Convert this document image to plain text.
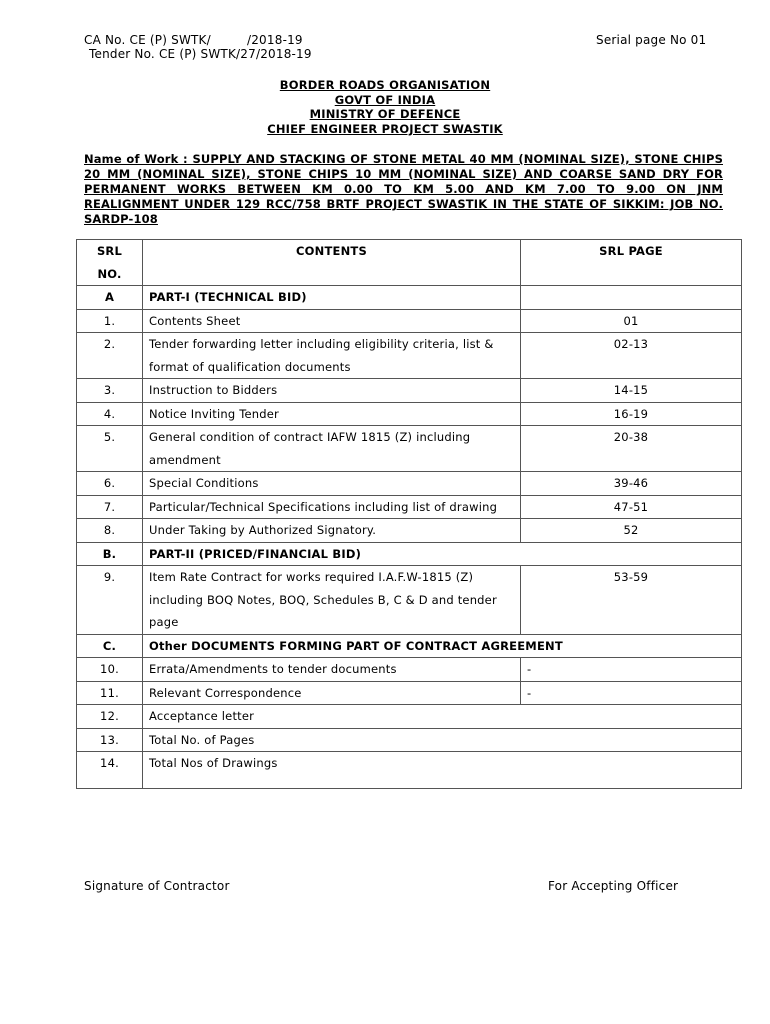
CA No. CE (P) SWTK/         /2018-19
Tender No. CE (P) SWTK/27/2018-19
Serial page No 01
BORDER ROADS ORGANISATION
GOVT OF INDIA
MINISTRY OF DEFENCE
CHIEF ENGINEER PROJECT SWASTIK
Name of Work : SUPPLY AND STACKING OF STONE METAL 40 MM (NOMINAL SIZE), STONE CHIPS 20 MM (NOMINAL SIZE), STONE CHIPS 10 MM (NOMINAL SIZE) AND COARSE SAND DRY FOR PERMANENT WORKS BETWEEN KM 0.00 TO KM 5.00 AND KM 7.00 TO 9.00 ON JNM REALIGNMENT UNDER 129 RCC/758 BRTF PROJECT SWASTIK IN THE STATE OF SIKKIM: JOB NO. SARDP-108
SRL NO.	CONTENTS	SRL PAGE
A	PART-I (TECHNICAL BID)	
1.	Contents Sheet	01
2.	Tender forwarding letter including eligibility criteria, list & format of qualification documents	02-13
3.	Instruction to Bidders	14-15
4.	Notice Inviting Tender	16-19
5.	General condition of contract IAFW 1815 (Z) including amendment	20-38
6.	Special Conditions	39-46
7.	Particular/Technical Specifications including list of drawing	47-51
8.	Under Taking by Authorized Signatory.	52
B.	PART-II (PRICED/FINANCIAL BID)	
9.	Item Rate Contract for works required I.A.F.W-1815 (Z) including BOQ Notes, BOQ, Schedules B, C & D and tender page	53-59
C.	Other DOCUMENTS FORMING PART OF CONTRACT AGREEMENT	
10.	Errata/Amendments to tender documents	-
11.	Relevant Correspondence	-
12.	Acceptance letter	
13.	Total No. of Pages	
14.	Total Nos of Drawings	
Signature of Contractor	For Accepting Officer
